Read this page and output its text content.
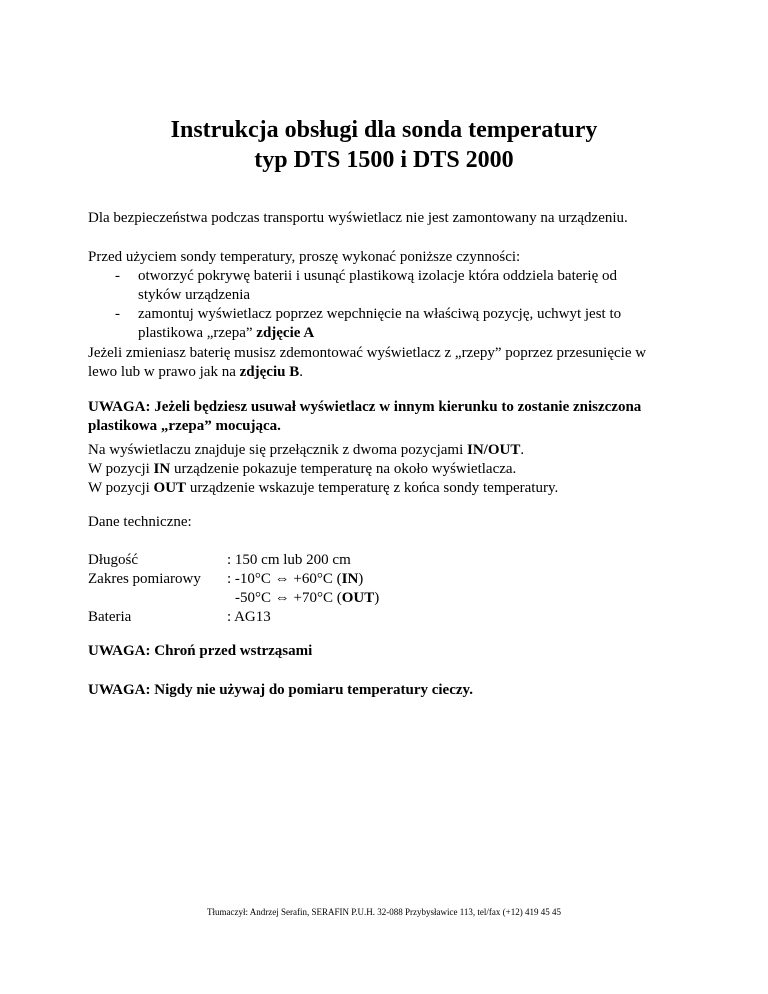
Instrukcja obsługi dla sonda temperatury
typ DTS 1500 i DTS 2000

Dla bezpieczeństwa podczas transportu wyświetlacz nie jest zamontowany na urządzeniu.

Przed użyciem sondy temperatury, proszę wykonać poniższe czynności:

- otworzyć pokrywę baterii i usunąć plastikową izolacje która oddziela baterię od
styków urządzenia
- zamontuj wyświetlacz poprzez wepchnięcie na właściwą pozycję, uchwyt jest to
plastikowa „rzepa” zdjęcie A

Jeżeli zmieniasz baterię musisz zdemontować wyświetlacz z „rzepy” poprzez przesunięcie w

lewo lub w prawo jak na zdjęciu B.

UWAGA: Jeżeli będziesz usuwał wyświetlacz w innym kierunku to zostanie zniszczona

plastikowa „rzepa” mocująca.

Na wyświetlaczu znajduje się przełącznik z dwoma pozycjami IN/OUT.

W pozycji IN urządzenie pokazuje temperaturę na około wyświetlacza.

W pozycji OUT urządzenie wskazuje temperaturę z końca sondy temperatury.

Dane techniczne:

Długość	: 150 cm lub 200 cm
Zakres pomiarowy : -10°C ⇔ +60°C (IN)
-50°C ⇔ +70°C (OUT)
Bateria	: AG13

UWAGA: Chroń przed wstrząsami

UWAGA: Nigdy nie używaj do pomiaru temperatury cieczy.

Tłumaczył: Andrzej Serafin, SERAFIN P.U.H. 32-088 Przybysławice 113, tel/fax (+12) 419 45 45
